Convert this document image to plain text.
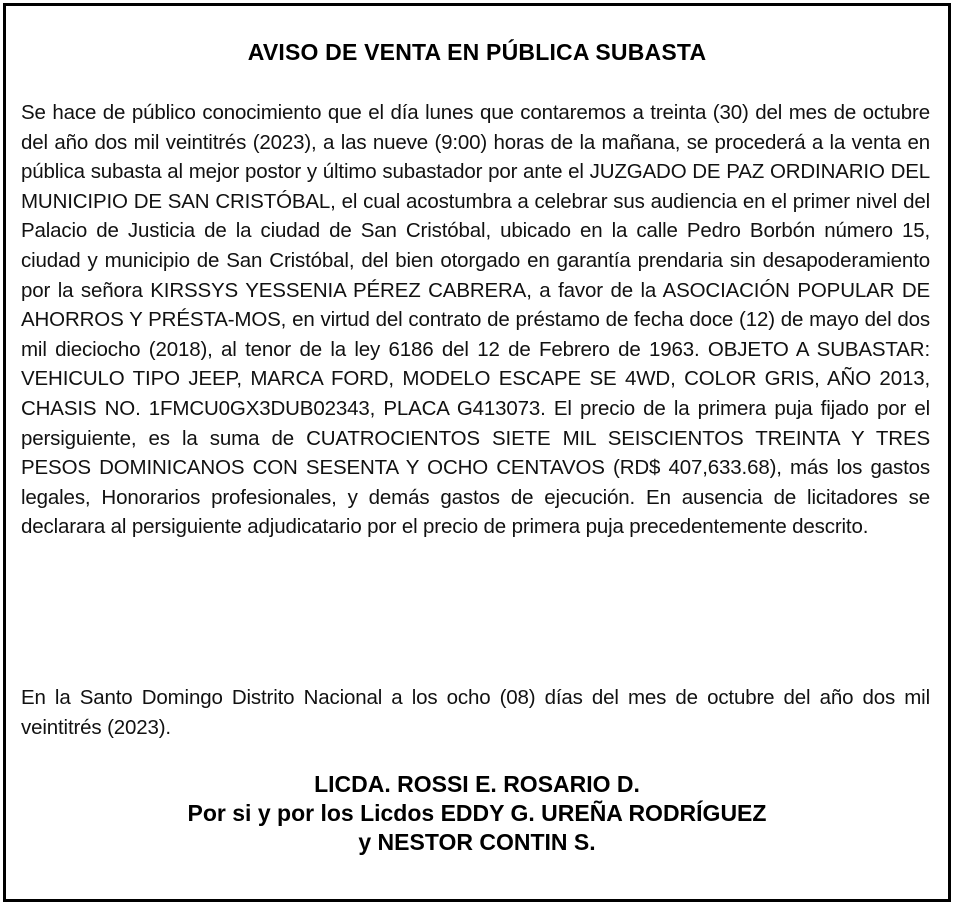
AVISO DE VENTA EN PÚBLICA SUBASTA

Se hace de público conocimiento que el día lunes que contaremos a treinta (30) del mes de octubre del año dos mil veintitrés (2023), a las nueve (9:00) horas de la mañana, se procederá a la venta en pública subasta al mejor postor y último subastador por ante el JUZGADO DE PAZ ORDINARIO DEL MUNICIPIO DE SAN CRISTÓBAL, el cual acostumbra a celebrar sus audiencia en el primer nivel del Palacio de Justicia de la ciudad de San Cristóbal, ubicado en la calle Pedro Borbón número 15, ciudad y municipio de San Cristóbal, del bien otorgado en garantía prendaria sin desapoderamiento por la señora KIRSSYS YESSENIA PÉREZ CABRERA, a favor de la ASOCIACIÓN POPULAR DE AHORROS Y PRÉSTA-MOS, en virtud del contrato de préstamo de fecha doce (12) de mayo del dos mil dieciocho (2018), al tenor de la ley 6186 del 12 de Febrero de 1963. OBJETO A SUBASTAR: VEHICULO TIPO JEEP, MARCA FORD, MODELO ESCAPE SE 4WD, COLOR GRIS, AÑO 2013, CHASIS NO. 1FMCU0GX3DUB02343, PLACA G413073. El precio de la primera puja fijado por el persiguiente, es la suma de CUATROCIENTOS SIETE MIL SEISCIENTOS TREINTA Y TRES PESOS DOMINICANOS CON SESENTA Y OCHO CENTAVOS (RD$ 407,633.68), más los gastos legales, Honorarios profesionales, y demás gastos de ejecución. En ausencia de licitadores se declarara al persiguiente adjudicatario por el precio de primera puja precedentemente descrito.

En la Santo Domingo Distrito Nacional a los ocho (08) días del mes de octubre del año dos mil veintitrés (2023).

LICDA. ROSSI E. ROSARIO D.
Por si y por los Licdos EDDY G. UREÑA RODRÍGUEZ
y NESTOR CONTIN S.
